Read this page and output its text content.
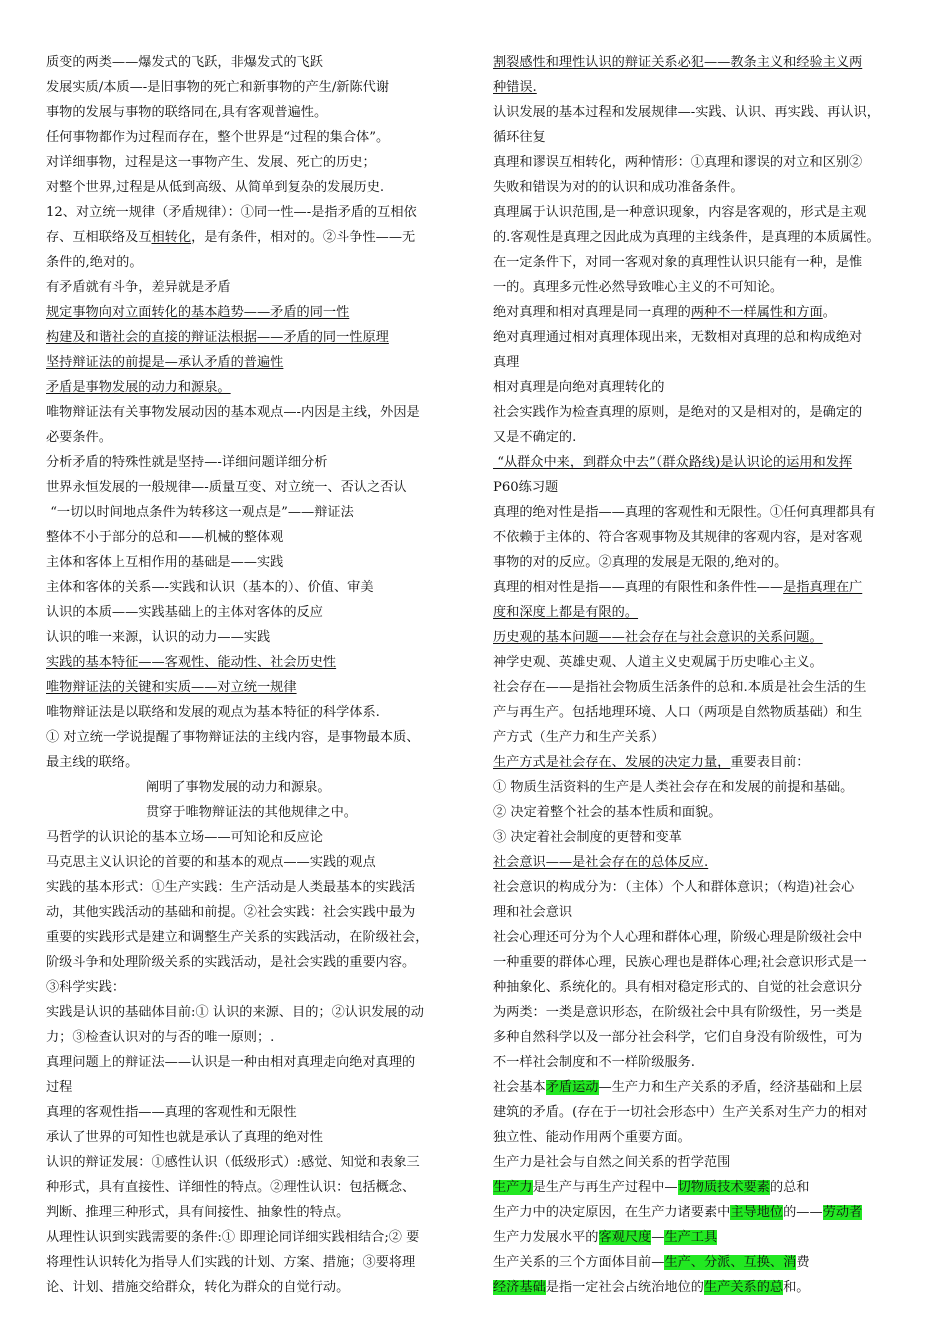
质变的两类——爆发式的飞跃，非爆发式的飞跃
发展实质/本质—-是旧事物的死亡和新事物的产生/新陈代谢
事物的发展与事物的联络同在,具有客观普遍性。
任何事物都作为过程而存在，整个世界是“过程的集合体”。
对详细事物，过程是这一事物产生、发展、死亡的历史；
对整个世界,过程是从低到高级、从简单到复杂的发展历史.
12、对立统一规律（矛盾规律）：①同一性—-是指矛盾的互相依
存、互相联络及互相转化，是有条件，相对的。②斗争性——无
条件的,绝对的。
有矛盾就有斗争，差异就是矛盾
规定事物向对立面转化的基本趋势——矛盾的同一性
构建及和谐社会的直接的辩证法根据——矛盾的同一性原理
坚持辩证法的前提是—承认矛盾的普遍性
矛盾是事物发展的动力和源泉。
唯物辩证法有关事物发展动因的基本观点—-内因是主线，外因是
必要条件。
分析矛盾的特殊性就是坚持—-详细问题详细分析
世界永恒发展的一般规律—-质量互变、对立统一、否认之否认
“一切以时间地点条件为转移这一观点是”——辩证法
整体不小于部分的总和——机械的整体观
主体和客体上互相作用的基础是——实践
主体和客体的关系—-实践和认识（基本的）、价值、审美
认识的本质——实践基础上的主体对客体的反应
认识的唯一来源，认识的动力——实践
实践的基本特征——客观性、能动性、社会历史性
唯物辩证法的关键和实质——对立统一规律
唯物辩证法是以联络和发展的观点为基本特征的科学体系.
① 对立统一学说提醒了事物辩证法的主线内容，是事物最本质、
最主线的联络。
阐明了事物发展的动力和源泉。
贯穿于唯物辩证法的其他规律之中。
马哲学的认识论的基本立场——可知论和反应论
马克思主义认识论的首要的和基本的观点——实践的观点
实践的基本形式：①生产实践：生产活动是人类最基本的实践活
动，其他实践活动的基础和前提。②社会实践：社会实践中最为
重要的实践形式是建立和调整生产关系的实践活动，在阶级社会，
阶级斗争和处理阶级关系的实践活动，是社会实践的重要内容。
③科学实践：
实践是认识的基础体目前:① 认识的来源、目的；②认识发展的动
力；③检查认识对的与否的唯一原则；.
真理问题上的辩证法——认识是一种由相对真理走向绝对真理的
过程
真理的客观性指——真理的客观性和无限性
承认了世界的可知性也就是承认了真理的绝对性
认识的辩证发展：①感性认识（低级形式）:感觉、知觉和表象三
种形式，具有直接性、详细性的特点。②理性认识：包括概念、
判断、推理三种形式，具有间接性、抽象性的特点。
从理性认识到实践需要的条件:① 即理论同详细实践相结合;② 要
将理性认识转化为指导人们实践的计划、方案、措施；③要将理
论、计划、措施交给群众，转化为群众的自觉行动。
割裂感性和理性认识的辩证关系必犯——教条主义和经验主义两
种错误.
认识发展的基本过程和发展规律—-实践、认识、再实践、再认识，
循环往复
真理和谬误互相转化，两种情形：①真理和谬误的对立和区别②
失败和错误为对的的认识和成功准备条件。
真理属于认识范围,是一种意识现象，内容是客观的，形式是主观
的.客观性是真理之因此成为真理的主线条件，是真理的本质属性。
在一定条件下，对同一客观对象的真理性认识只能有一种，是惟
一的。真理多元性必然导致唯心主义的不可知论。
绝对真理和相对真理是同一真理的两种不一样属性和方面。
绝对真理通过相对真理体现出来，无数相对真理的总和构成绝对
真理
相对真理是向绝对真理转化的
社会实践作为检查真理的原则，是绝对的又是相对的，是确定的
又是不确定的.
“从群众中来，到群众中去”（群众路线)是认识论的运用和发挥
P60练习题
真理的绝对性是指——真理的客观性和无限性。①任何真理都具有
不依赖于主体的、符合客观事物及其规律的客观内容，是对客观
事物的对的反应。②真理的发展是无限的,绝对的。
真理的相对性是指——真理的有限性和条件性——是指真理在广
度和深度上都是有限的。
历史观的基本问题——社会存在与社会意识的关系问题。
神学史观、英雄史观、人道主义史观属于历史唯心主义。
社会存在——是指社会物质生活条件的总和.本质是社会生活的生
产与再生产。包括地理环境、人口（两项是自然物质基础）和生
产方式（生产力和生产关系）
生产方式是社会存在、发展的决定力量，重要表目前：
① 物质生活资料的生产是人类社会存在和发展的前提和基础。
② 决定着整个社会的基本性质和面貌。
③ 决定着社会制度的更替和变革
社会意识——是社会存在的总体反应.
社会意识的构成分为：（主体）个人和群体意识；（构造)社会心
理和社会意识
社会心理还可分为个人心理和群体心理，阶级心理是阶级社会中
一种重要的群体心理，民族心理也是群体心理;社会意识形式是一
种抽象化、系统化的。具有相对稳定形式的、自觉的社会意识分
为两类：一类是意识形态，在阶级社会中具有阶级性，另一类是
多种自然科学以及一部分社会科学，它们自身没有阶级性，可为
不一样社会制度和不一样阶级服务.
社会基本矛盾运动—生产力和生产关系的矛盾，经济基础和上层
建筑的矛盾。(存在于一切社会形态中）生产关系对生产力的相对
独立性、能动作用两个重要方面。
生产力是社会与自然之间关系的哲学范围
生产力是生产与再生产过程中—切物质技术要素的总和
生产力中的决定原因，在生产力诸要素中主导地位的——劳动者
生产力发展水平的客观尺度—生产工具
生产关系的三个方面体目前—生产、分派、互换、消费
经济基础是指一定社会占统治地位的生产关系的总和。
